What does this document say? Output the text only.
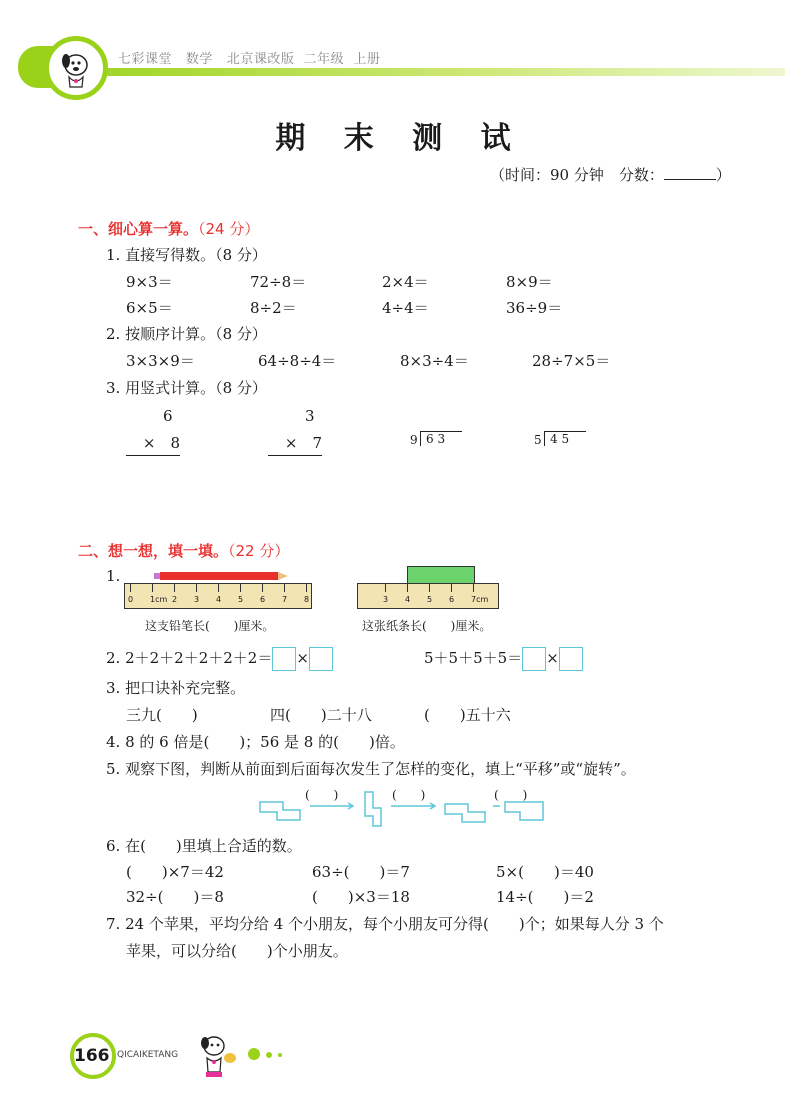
七彩课堂 数学 北京课改版 二年级 上册
期 末 测 试
（时间：90 分钟　分数：	）
一、细心算一算。（24 分）
1. 直接写得数。（8 分）
9×3＝	72÷8＝	2×4＝	8×9＝
6×5＝	8÷2＝	4÷4＝	36÷9＝
2. 按顺序计算。（8 分）
3×3×9＝	64÷8÷4＝	8×3÷4＝	28÷7×5＝
3. 用竖式计算。（8 分）
6
×　8
3
×　7	9 6 3	5 4 5
二、想一想，填一填。（22 分）
1.
0 1cm 2 3 4 5 6 7 8
这支铅笔长(　　)厘米。
3 4 5 6 7cm
这张纸条长(　　)厘米。
2. 2＋2＋2＋2＋2＋2＝ ×	5＋5＋5＋5＝ ×
3. 把口诀补充完整。
三九(　　)	四(　　)二十八	(　　)五十六
4. 8 的 6 倍是(　　)；56 是 8 的(　　)倍。
5. 观察下图，判断从前面到后面每次发生了怎样的变化，填上“平移”或“旋转”。
(　　)	(　　)	(　　)
6. 在(　　)里填上合适的数。
(　　)×7＝42	63÷(　　)＝7	5×(　　)＝40
32÷(　　)＝8	(　　)×3＝18	14÷(　　)＝2
7. 24 个苹果，平均分给 4 个小朋友，每个小朋友可分得(　　)个；如果每人分 3 个
苹果，可以分给(　　)个小朋友。
166 QICAIKETANG
